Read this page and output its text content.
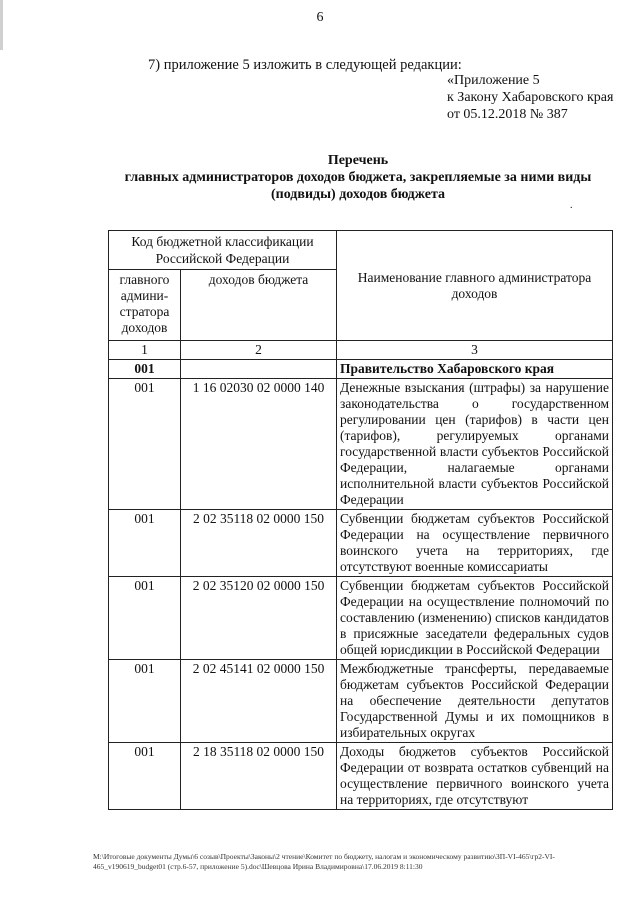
6
7) приложение 5 изложить в следующей редакции:
«Приложение 5
к Закону Хабаровского края
от 05.12.2018 № 387
Перечень
главных администраторов доходов бюджета, закрепляемые за ними виды
(подвиды) доходов бюджета
.
Код бюджетной классификации Российской Федерации		Наименование главного администратора доходов
главного админи-стратора доходов	доходов бюджета	
1	2	3
001		Правительство Хабаровского края
001	1 16 02030 02 0000 140	Денежные взыскания (штрафы) за нарушение законодательства о государственном регулировании цен (тарифов) в части цен (тарифов), регулируемых органами государственной власти субъектов Российской Федерации, налагаемые органами исполнительной власти субъектов Российской Федерации
001	2 02 35118 02 0000 150	Субвенции бюджетам субъектов Российской Федерации на осуществление первичного воинского учета на территориях, где отсутствуют военные комиссариаты
001	2 02 35120 02 0000 150	Субвенции бюджетам субъектов Российской Федерации на осуществление полномочий по составлению (изменению) списков кандидатов в присяжные заседатели федеральных судов общей юрисдикции в Российской Федерации
001	2 02 45141 02 0000 150	Межбюджетные трансферты, передаваемые бюджетам субъектов Российской Федерации на обеспечение деятельности депутатов Государственной Думы и их помощников в избирательных округах
001	2 18 35118 02 0000 150	Доходы бюджетов субъектов Российской Федерации от возврата остатков субвенций на осуществление первичного воинского учета на территориях, где отсутствуют
М:\Итоговые документы Думы\6 созыв\Проекты\Законы\2 чтение\Комитет по бюджету, налогам и экономическому развитию\ЗП-VI-465\гр2-VI-465_v190619_budget01 (стр.6-57, приложение 5).doc\Шевцова Ирина Владимировна\17.06.2019 8:11:30
